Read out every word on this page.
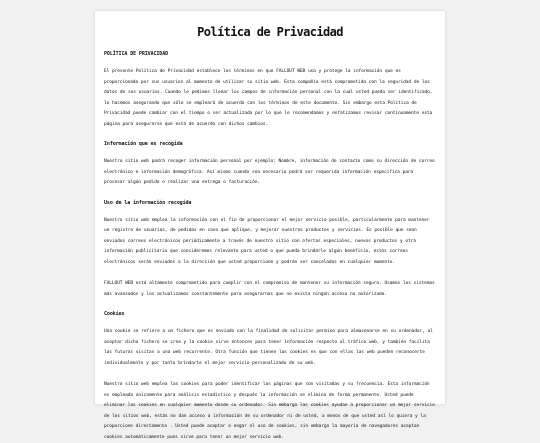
Política de Privacidad
POLÍTICA DE PRIVACIDAD

El presente Política de Privacidad establece los términos en que FALLOUT WEB usa y protege la información que es proporcionada por sus usuarios al momento de utilizar su sitio web. Esta compañía está comprometida con la seguridad de los datos de sus usuarios. Cuando le pedimos llenar los campos de información personal con la cual usted pueda ser identificado, lo hacemos asegurando que sólo se empleará de acuerdo con los términos de este documento. Sin embargo esta Política de Privacidad puede cambiar con el tiempo o ser actualizada por lo que le recomendamos y enfatizamos revisar continuamente esta página para asegurarse que está de acuerdo con dichos cambios.

Información que es recogida

Nuestro sitio web podrá recoger información personal por ejemplo: Nombre, información de contacto como su dirección de correo electrónico e información demográfica. Así mismo cuando sea necesario podrá ser requerida información específica para procesar algún pedido o realizar una entrega o facturación.

Uso de la información recogida

Nuestro sitio web emplea la información con el fin de proporcionar el mejor servicio posible, particularmente para mantener un registro de usuarios, de pedidos en caso que aplique, y mejorar nuestros productos y servicios. Es posible que sean enviados correos electrónicos periódicamente a través de nuestro sitio con ofertas especiales, nuevos productos y otra información publicitaria que consideremos relevante para usted o que pueda brindarle algún beneficio, estos correos electrónicos serán enviados a la dirección que usted proporcione y podrán ser cancelados en cualquier momento.

FALLOUT WEB está altamente comprometido para cumplir con el compromiso de mantener su información segura. Usamos los sistemas más avanzados y los actualizamos constantemente para asegurarnos que no exista ningún acceso no autorizado.

Cookies

Una cookie se refiere a un fichero que es enviado con la finalidad de solicitar permiso para almacenarse en su ordenador, al aceptar dicho fichero se crea y la cookie sirve entonces para tener información respecto al tráfico web, y también facilita las futuras visitas a una web recurrente. Otra función que tienen las cookies es que con ellas las web pueden reconocerte individualmente y por tanto brindarte el mejor servicio personalizado de su web.

Nuestro sitio web emplea las cookies para poder identificar las páginas que son visitadas y su frecuencia. Esta información es empleada únicamente para análisis estadístico y después la información se elimina de forma permanente. Usted puede eliminar las cookies en cualquier momento desde su ordenador. Sin embargo las cookies ayudan a proporcionar un mejor servicio de los sitios web, estás no dan acceso a información de su ordenador ni de usted, a menos de que usted así lo quiera y la proporcione directamente . Usted puede aceptar o negar el uso de cookies, sin embargo la mayoría de navegadores aceptan cookies automáticamente pues sirve para tener un mejor servicio web.
